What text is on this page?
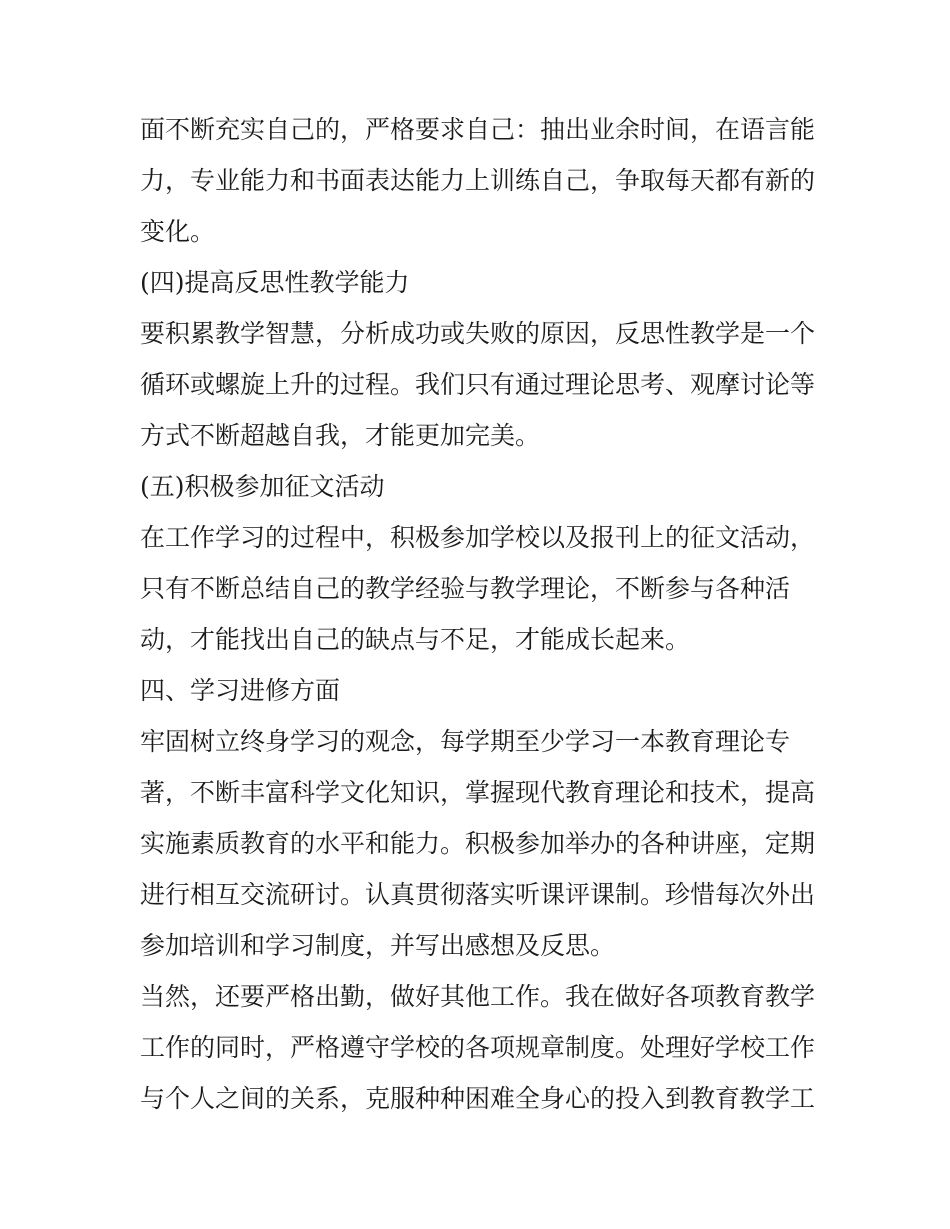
面不断充实自己的，严格要求自己：抽出业余时间，在语言能
力，专业能力和书面表达能力上训练自己，争取每天都有新的
变化。
(四)提高反思性教学能力
要积累教学智慧，分析成功或失败的原因，反思性教学是一个
循环或螺旋上升的过程。我们只有通过理论思考、观摩讨论等
方式不断超越自我，才能更加完美。
(五)积极参加征文活动
在工作学习的过程中，积极参加学校以及报刊上的征文活动，
只有不断总结自己的教学经验与教学理论，不断参与各种活
动，才能找出自己的缺点与不足，才能成长起来。
四、学习进修方面
牢固树立终身学习的观念，每学期至少学习一本教育理论专
著，不断丰富科学文化知识，掌握现代教育理论和技术，提高
实施素质教育的水平和能力。积极参加举办的各种讲座，定期
进行相互交流研讨。认真贯彻落实听课评课制。珍惜每次外出
参加培训和学习制度，并写出感想及反思。
当然，还要严格出勤，做好其他工作。我在做好各项教育教学
工作的同时，严格遵守学校的各项规章制度。处理好学校工作
与个人之间的关系，克服种种困难全身心的投入到教育教学工
